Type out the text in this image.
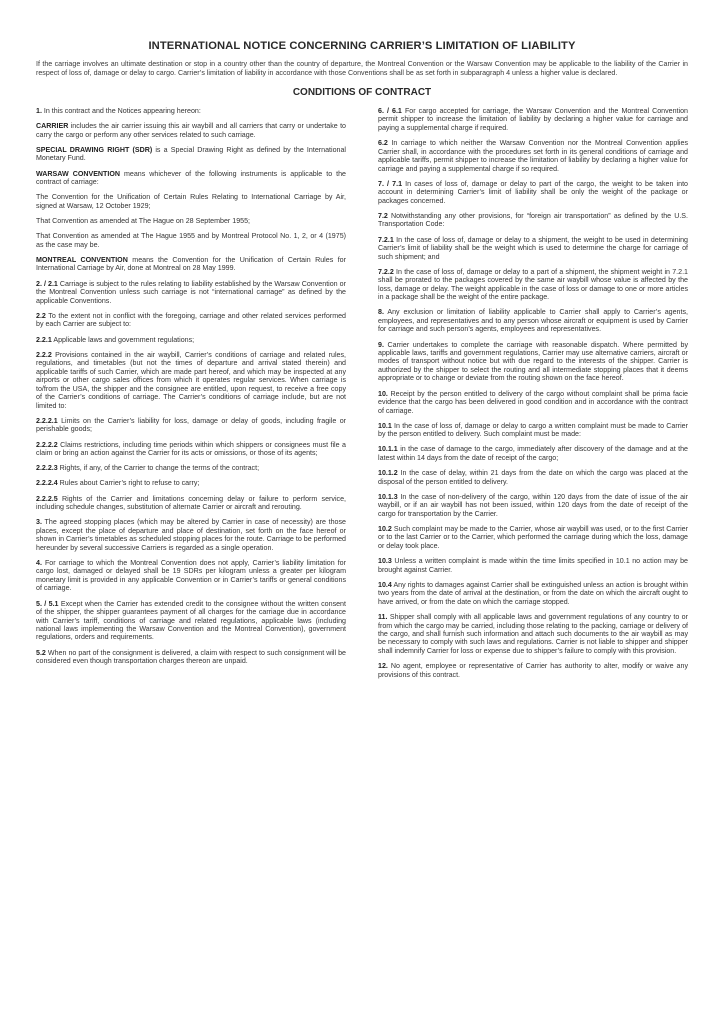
INTERNATIONAL NOTICE CONCERNING CARRIER’S LIMITATION OF LIABILITY

If the carriage involves an ultimate destination or stop in a country other than the country of departure, the Montreal Convention or the Warsaw Convention may be applicable to the liability of the Carrier in respect of loss of, damage or delay to cargo. Carrier’s limitation of liability in accordance with those Conventions shall be as set forth in subparagraph 4 unless a higher value is declared.

CONDITIONS OF CONTRACT

1. In this contract and the Notices appearing hereon:

CARRIER includes the air carrier issuing this air waybill and all carriers that carry or undertake to carry the cargo or perform any other services related to such carriage.

SPECIAL DRAWING RIGHT (SDR) is a Special Drawing Right as defined by the International Monetary Fund.

WARSAW CONVENTION means whichever of the following instruments is applicable to the contract of carriage:

The Convention for the Unification of Certain Rules Relating to International Carriage by Air, signed at Warsaw, 12 October 1929;

That Convention as amended at The Hague on 28 September 1955;

That Convention as amended at The Hague 1955 and by Montreal Protocol No. 1, 2, or 4 (1975) as the case may be.

MONTREAL CONVENTION means the Convention for the Unification of Certain Rules for International Carriage by Air, done at Montreal on 28 May 1999.

2. / 2.1 Carriage is subject to the rules relating to liability established by the Warsaw Convention or the Montreal Convention unless such carriage is not “international carriage” as defined by the applicable Conventions.

2.2 To the extent not in conflict with the foregoing, carriage and other related services performed by each Carrier are subject to:

2.2.1 Applicable laws and government regulations;

2.2.2 Provisions contained in the air waybill, Carrier’s conditions of carriage and related rules, regulations, and timetables (but not the times of departure and arrival stated therein) and applicable tariffs of such Carrier, which are made part hereof, and which may be inspected at any airports or other cargo sales offices from which it operates regular services. When carriage is to/from the USA, the shipper and the consignee are entitled, upon request, to receive a free copy of the Carrier’s conditions of carriage. The Carrier’s conditions of carriage include, but are not limited to:

2.2.2.1 Limits on the Carrier’s liability for loss, damage or delay of goods, including fragile or perishable goods;

2.2.2.2 Claims restrictions, including time periods within which shippers or consignees must file a claim or bring an action against the Carrier for its acts or omissions, or those of its agents;

2.2.2.3 Rights, if any, of the Carrier to change the terms of the contract;

2.2.2.4 Rules about Carrier’s right to refuse to carry;

2.2.2.5 Rights of the Carrier and limitations concerning delay or failure to perform service, including schedule changes, substitution of alternate Carrier or aircraft and rerouting.

3. The agreed stopping places (which may be altered by Carrier in case of necessity) are those places, except the place of departure and place of destination, set forth on the face hereof or shown in Carrier’s timetables as scheduled stopping places for the route. Carriage to be performed hereunder by several successive Carriers is regarded as a single operation.

4. For carriage to which the Montreal Convention does not apply, Carrier’s liability limitation for cargo lost, damaged or delayed shall be 19 SDRs per kilogram unless a greater per kilogram monetary limit is provided in any applicable Convention or in Carrier’s tariffs or general conditions of carriage.

5. / 5.1 Except when the Carrier has extended credit to the consignee without the written consent of the shipper, the shipper guarantees payment of all charges for the carriage due in accordance with Carrier’s tariff, conditions of carriage and related regulations, applicable laws (including national laws implementing the Warsaw Convention and the Montreal Convention), government regulations, orders and requirements.

5.2 When no part of the consignment is delivered, a claim with respect to such consignment will be considered even though transportation charges thereon are unpaid.

6. / 6.1 For cargo accepted for carriage, the Warsaw Convention and the Montreal Convention permit shipper to increase the limitation of liability by declaring a higher value for carriage and paying a supplemental charge if required.

6.2 In carriage to which neither the Warsaw Convention nor the Montreal Convention applies Carrier shall, in accordance with the procedures set forth in its general conditions of carriage and applicable tariffs, permit shipper to increase the limitation of liability by declaring a higher value for carriage and paying a supplemental charge if so required.

7. / 7.1 In cases of loss of, damage or delay to part of the cargo, the weight to be taken into account in determining Carrier’s limit of liability shall be only the weight of the package or packages concerned.

7.2 Notwithstanding any other provisions, for “foreign air transportation” as defined by the U.S. Transportation Code:

7.2.1 In the case of loss of, damage or delay to a shipment, the weight to be used in determining Carrier’s limit of liability shall be the weight which is used to determine the charge for carriage of such shipment; and

7.2.2 In the case of loss of, damage or delay to a part of a shipment, the shipment weight in 7.2.1 shall be prorated to the packages covered by the same air waybill whose value is affected by the loss, damage or delay. The weight applicable in the case of loss or damage to one or more articles in a package shall be the weight of the entire package.

8. Any exclusion or limitation of liability applicable to Carrier shall apply to Carrier’s agents, employees, and representatives and to any person whose aircraft or equipment is used by Carrier for carriage and such person’s agents, employees and representatives.

9. Carrier undertakes to complete the carriage with reasonable dispatch. Where permitted by applicable laws, tariffs and government regulations, Carrier may use alternative carriers, aircraft or modes of transport without notice but with due regard to the interests of the shipper. Carrier is authorized by the shipper to select the routing and all intermediate stopping places that it deems appropriate or to change or deviate from the routing shown on the face hereof.

10. Receipt by the person entitled to delivery of the cargo without complaint shall be prima facie evidence that the cargo has been delivered in good condition and in accordance with the contract of carriage.

10.1 In the case of loss of, damage or delay to cargo a written complaint must be made to Carrier by the person entitled to delivery. Such complaint must be made:

10.1.1 in the case of damage to the cargo, immediately after discovery of the damage and at the latest within 14 days from the date of receipt of the cargo;

10.1.2 In the case of delay, within 21 days from the date on which the cargo was placed at the disposal of the person entitled to delivery.

10.1.3 In the case of non-delivery of the cargo, within 120 days from the date of issue of the air waybill, or if an air waybill has not been issued, within 120 days from the date of receipt of the cargo for transportation by the Carrier.

10.2 Such complaint may be made to the Carrier, whose air waybill was used, or to the first Carrier or to the last Carrier or to the Carrier, which performed the carriage during which the loss, damage or delay took place.

10.3 Unless a written complaint is made within the time limits specified in 10.1 no action may be brought against Carrier.

10.4 Any rights to damages against Carrier shall be extinguished unless an action is brought within two years from the date of arrival at the destination, or from the date on which the aircraft ought to have arrived, or from the date on which the carriage stopped.

11. Shipper shall comply with all applicable laws and government regulations of any country to or from which the cargo may be carried, including those relating to the packing, carriage or delivery of the cargo, and shall furnish such information and attach such documents to the air waybill as may be necessary to comply with such laws and regulations. Carrier is not liable to shipper and shipper shall indemnify Carrier for loss or expense due to shipper’s failure to comply with this provision.

12. No agent, employee or representative of Carrier has authority to alter, modify or waive any provisions of this contract.
